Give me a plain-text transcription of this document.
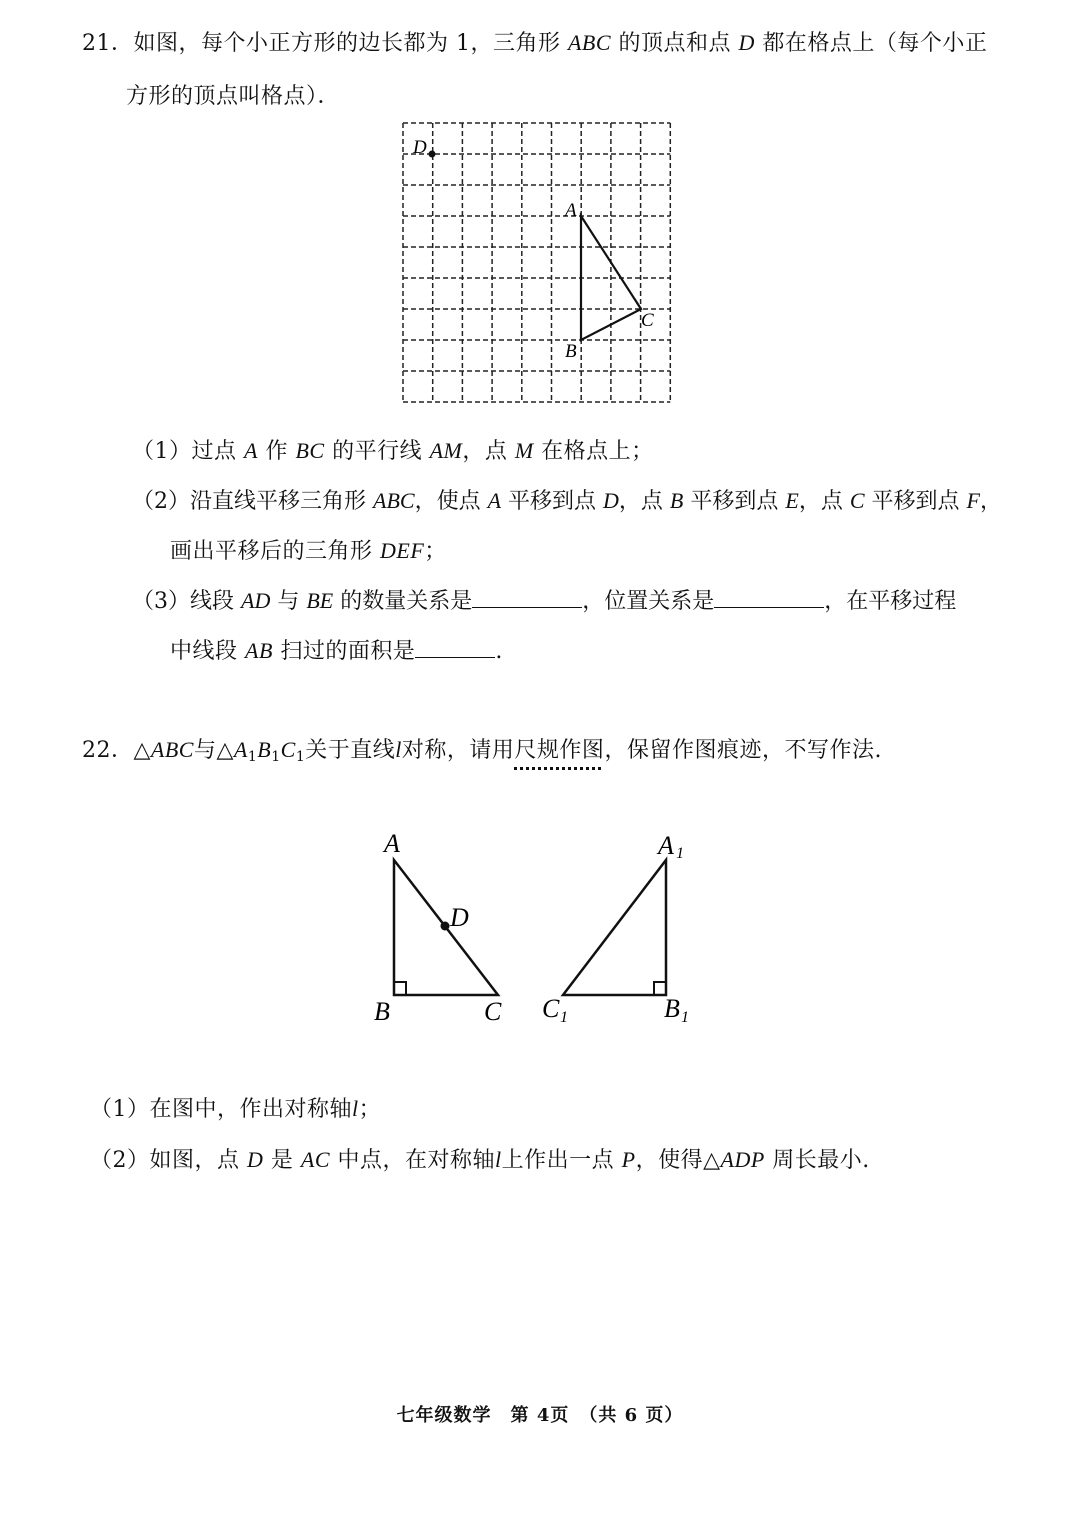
21．如图，每个小正方形的边长都为 1，三角形 ABC 的顶点和点 D 都在格点上（每个小正
方形的顶点叫格点）．
D
A
B
C
（1）过点 A 作 BC 的平行线 AM，点 M 在格点上；
（2）沿直线平移三角形 ABC，使点 A 平移到点 D，点 B 平移到点 E，点 C 平移到点 F，
画出平移后的三角形 DEF；
（3）线段 AD 与 BE 的数量关系是	，位置关系是	，在平移过程
中线段 AB 扫过的面积是	.
22．△ABC与$\triangle A_1B_1C_1$关于直线l对称，请用尺规作图，保留作图痕迹，不写作法.
A
D
B	C
A 1
C 1	B 1
（1）在图中，作出对称轴l；
（2）如图，点 D 是 AC 中点，在对称轴l上作出一点 P，使得△ADP 周长最小.
七年级数学　第 4页　（共 6 页）
